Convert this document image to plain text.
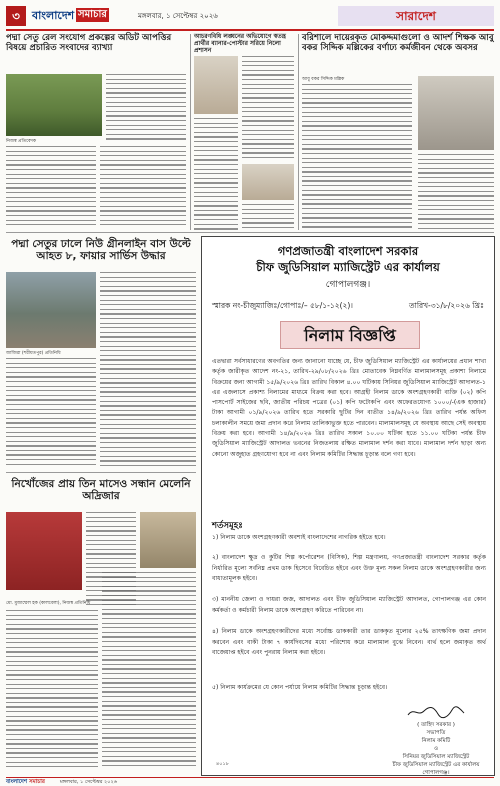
৩	বাংলাদেশ সমাচার	মঙ্গলবার, ১ সেপ্টেম্বর ২০২৬	সারাদেশ
পদ্মা সেতু রেল সংযোগ প্রকল্পের অডিট আপত্তির বিষয়ে প্রচারিত সংবাদের ব্যাখ্যা
নিজস্ব প্রতিবেদক
আচরণবিধি লঙ্ঘনের অভিযোগে স্বতন্ত্র প্রার্থীর ব্যানার-পোস্টার সরিয়ে নিলো প্রশাসন
বরিশালে দায়েরকৃত মোকদ্দমাগুলো ও আদর্শ শিক্ষক আবু বকর সিদ্দিক মল্লিকের বর্ণাঢ্য কর্মজীবন থেকে অবসর
আবু বকর সিদ্দিক মল্লিক
পদ্মা সেতুর ঢালে নিউ গ্রীনলাইন বাস উল্টে আহত ৮, ফায়ার সার্ভিস উদ্ধার
জাজিরা (শরীয়তপুর) প্রতিনিধি
নিখোঁজের প্রায় তিন মাসেও সন্ধান মেলেনি অদ্রিজার
মো. মুজাম্মেল হক (কালবেলা), নিজস্ব প্রতিনিধি
গণপ্রজাতন্ত্রী বাংলাদেশ সরকার
চীফ জুডিসিয়াল ম্যাজিস্ট্রেট এর কার্যালয়
গোপালগঞ্জ।
স্মারক নং-চীজুম্যাজিঃ/গোপাঃ/– ৫৮/১-১২(২)।	তারিখ-৩১/৮/২০২৬ খ্রিঃ
নিলাম বিজ্ঞপ্তি
এতদ্বারা সর্বসাধারণের অবগতির জন্য জানানো যাচ্ছে যে, চীফ জুডিসিয়াল ম্যাজিস্ট্রেট এর কার্যালয়ের প্রধান শাখা কর্তৃক জারীকৃত আদেশ নং-২১, তারিখ-২৯/০৮/২০২৬ খ্রিঃ মোতাবেক নিম্নবর্ণিত মালামালসমূহ প্রকাশ্য নিলামে বিক্রয়ের জন্য আগামী ১৫/৯/২০২৬ খ্রিঃ তারিখ বিকাল ৪.০০ ঘটিকায় সিনিয়র জুডিসিয়াল ম্যাজিস্ট্রেট আদালত-১ এর এজলাসে প্রকাশ্য নিলামের মাধ্যমে বিক্রয় করা হবে। আগ্রহী নিলাম ডাকে অংশগ্রহণকারী ব্যক্তি (০২) কপি পাসপোর্ট সাইজের ছবি, জাতীয় পরিচয় পত্রের (০১) কপি ফটোকপি এবং অফেরতযোগ্য ১০০০/-(এক হাজার) টাকা আগামী ০১/৯/২০২৬ তারিখ হতে সরকারি ছুটির দিন ব্যতীত ১৪/৯/২০২৬ খ্রিঃ তারিখ পর্যন্ত অফিস চলাকালীন সময়ে জমা প্রদান করে নিলাম তালিকাভুক্ত হতে পারবেন। মালামালসমূহ যে অবস্থায় আছে সেই অবস্থায় বিক্রয় করা হবে। আগামী ১৪/৯/২০২৬ খ্রিঃ তারিখ সকাল ১০.০০ ঘটিকা হতে ১১.০০ ঘটিকা পর্যন্ত চীফ জুডিসিয়াল ম্যাজিস্ট্রেট আদালত ভবনের নিজতলায় রক্ষিত মালামাল দর্শন করা যাবে। মালামাল দর্শন ছাড়া অন্য কোনো অজুহাত গ্রহণযোগ্য হবে না এবং নিলাম কমিটির সিদ্ধান্ত চূড়ান্ত বলে গণ্য হবে।
শর্তসমূহঃ
১) নিলাম ডাকে অংশগ্রহণকারী অবশ্যই বাংলাদেশের নাগরিক হইতে হবে।
২) বাংলাদেশ ক্ষুদ্র ও কুটির শিল্প কর্পোরেশন (বিসিক), শিল্প মন্ত্রণালয়, গণপ্রজাতন্ত্রী বাংলাদেশ সরকার কর্তৃক নির্ধারিত মূল্যে সর্বনিম্ন প্রথম ডাক হিসেবে বিবেচিত হইবে এবং উক্ত মূল্য সকল নিলাম ডাকে অংশগ্রহণকারীর জন্য বাধ্যতামূলক হইবে।
৩) মাননীয় জেলা ও দায়রা জজ, আদালত এবং চীফ জুডিসিয়াল ম্যাজিস্ট্রেট আদালত, গোপালগঞ্জ এর কোন কর্মকর্তা ও কর্মচারী নিলাম ডাকে অংশগ্রহণ করিতে পারিবেন না।
৪) নিলাম ডাকে অংশগ্রহণকারীদের মধ্যে সর্বোচ্চ ডাককারী তার ডাককৃত মূল্যের ২৫% তাৎক্ষণিক জমা প্রদান করবেন এবং বাকী টাকা ৭ কার্যদিবসের মধ্যে পরিশোধ করে মালামাল বুঝে নিবেন। ব্যর্থ হলে জমাকৃত অর্থ বাজেয়াপ্ত হইবে এবং পুনরায় নিলাম করা হইবে।
৫) নিলাম কার্যক্রমের যে কোন পর্যায়ে নিলাম কমিটির সিদ্ধান্ত চূড়ান্ত হইবে।
( তাহিদ সরকার )
সভাপতি
নিলাম কমিটি
ও
সিনিয়র জুডিসিয়াল ম্যাজিস্ট্রেট
চীফ জুডিসিয়াল ম্যাজিস্ট্রেট এর কার্যালয়
গোপালগঞ্জ।
৪০১৮
বাংলাদেশ সমাচার	মঙ্গলবার, ১ সেপ্টেম্বর ২০২৬
